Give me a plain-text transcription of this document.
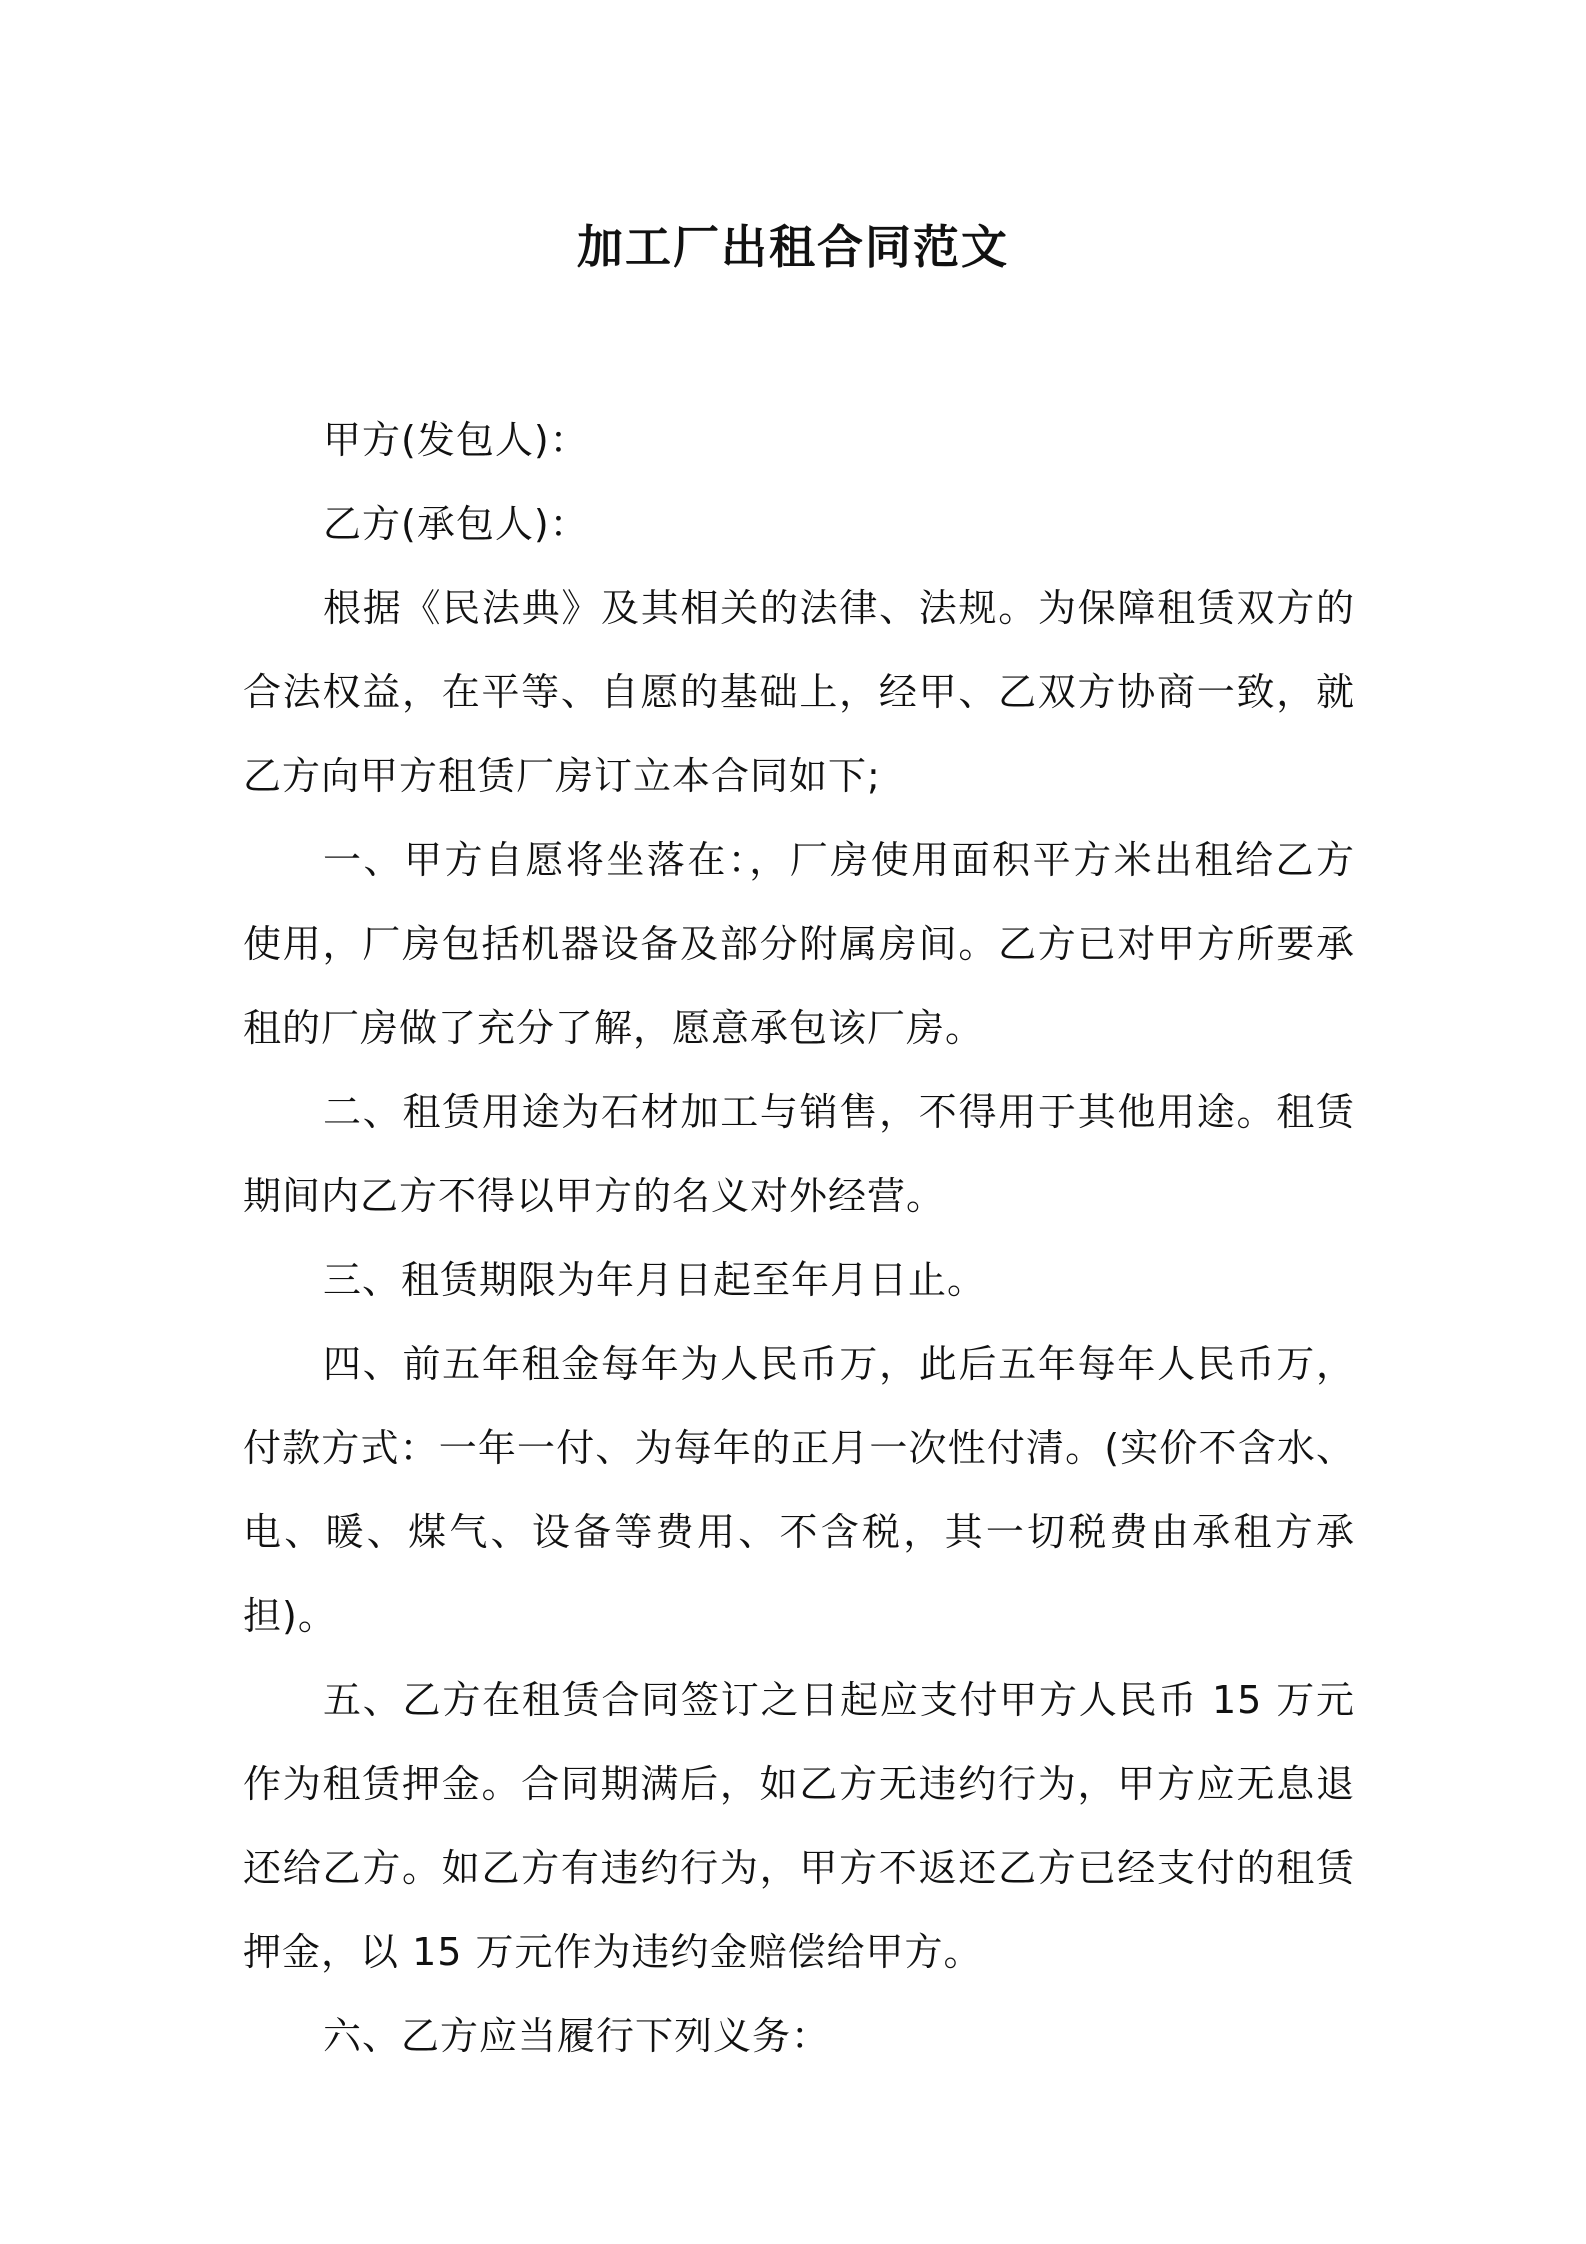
加工厂出租合同范文

甲方(发包人)：

乙方(承包人)：

根据《民法典》及其相关的法律、法规。为保障租赁双方的合法权益，在平等、自愿的基础上，经甲、乙双方协商一致，就乙方向甲方租赁厂房订立本合同如下;

一、甲方自愿将坐落在：，厂房使用面积平方米出租给乙方使用，厂房包括机器设备及部分附属房间。乙方已对甲方所要承租的厂房做了充分了解，愿意承包该厂房。

二、租赁用途为石材加工与销售，不得用于其他用途。租赁期间内乙方不得以甲方的名义对外经营。

三、租赁期限为年月日起至年月日止。

四、前五年租金每年为人民币万，此后五年每年人民币万，付款方式：一年一付、为每年的正月一次性付清。(实价不含水、电、暖、煤气、设备等费用、不含税，其一切税费由承租方承担)。

五、乙方在租赁合同签订之日起应支付甲方人民币 15 万元作为租赁押金。合同期满后，如乙方无违约行为，甲方应无息退还给乙方。如乙方有违约行为，甲方不返还乙方已经支付的租赁押金，以 15 万元作为违约金赔偿给甲方。

六、乙方应当履行下列义务：
